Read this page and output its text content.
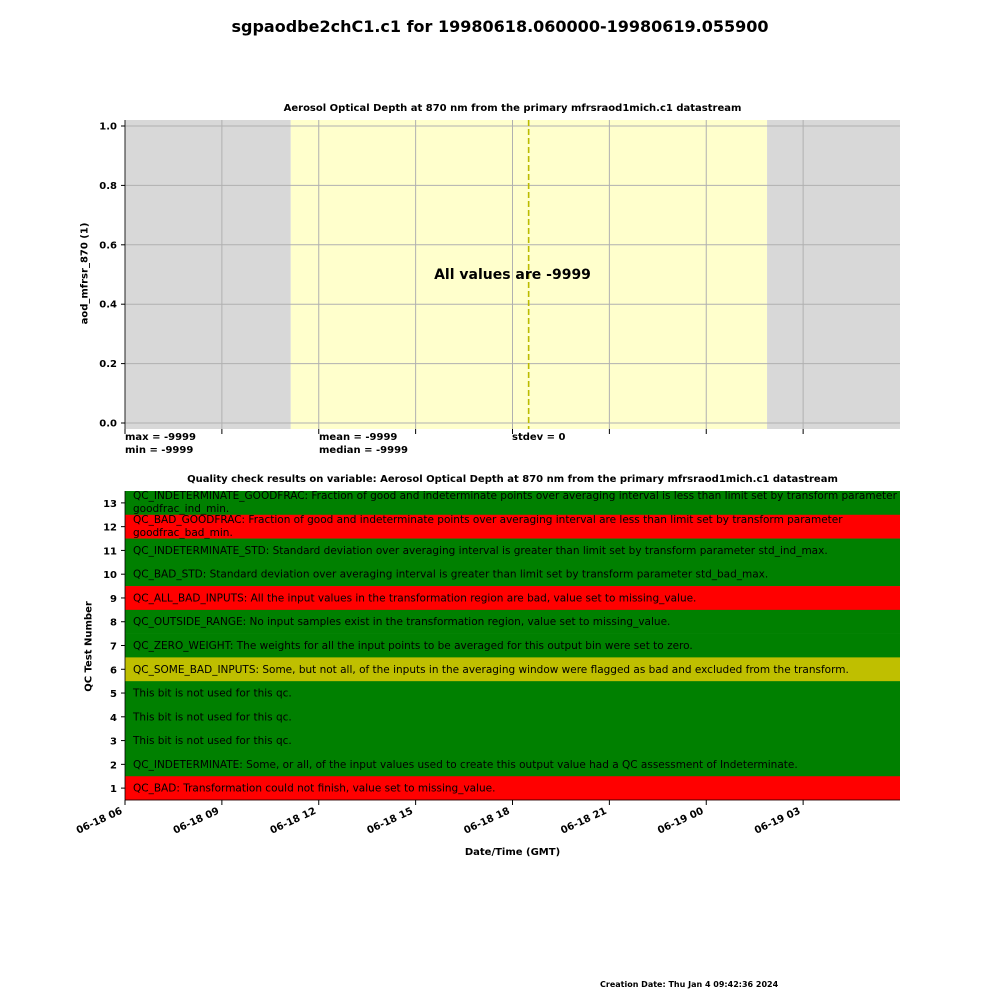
sgpaodbe2chC1.c1 for 19980618.060000-19980619.055900
Aerosol Optical Depth at 870 nm from the primary mfrsraod1mich.c1 datastream
aod_mfrsr_870 (1)
0.0
0.2
0.4
0.6
0.8
1.0
All values are -9999
13
QC_INDETERMINATE_GOODFRAC: Fraction of good and indeterminate points over averaging interval is less than limit set by transform parameter
goodfrac_ind_min.
12
QC_BAD_GOODFRAC: Fraction of good and indeterminate points over averaging interval are less than limit set by transform parameter
goodfrac_bad_min.
11 QC_INDETERMINATE_STD: Standard deviation over averaging interval is greater than limit set by transform parameter std_ind_max.
10 QC_BAD_STD: Standard deviation over averaging interval is greater than limit set by transform parameter std_bad_max.
9 QC_ALL_BAD_INPUTS: All the input values in the transformation region are bad, value set to missing_value.
8 QC_OUTSIDE_RANGE: No input samples exist in the transformation region, value set to missing_value.
7 QC_ZERO_WEIGHT: The weights for all the input points to be averaged for this output bin were set to zero.
6 QC_SOME_BAD_INPUTS: Some, but not all, of the inputs in the averaging window were flagged as bad and excluded from the transform.
5 This bit is not used for this qc.
4 This bit is not used for this qc.
3 This bit is not used for this qc.
2 QC_INDETERMINATE: Some, or all, of the input values used to create this output value had a QC assessment of Indeterminate.
1 QC_BAD: Transformation could not finish, value set to missing_value.
06-18 06	06-18 09	06-18 12	06-18 15	06-18 18	06-18 21	06-19 00	06-19 03
max = -9999
min = -9999
mean = -9999
median = -9999
stdev = 0
Quality check results on variable: Aerosol Optical Depth at 870 nm from the primary mfrsraod1mich.c1 datastream
QC Test Number
Date/Time (GMT)
Creation Date: Thu Jan 4 09:42:36 2024
